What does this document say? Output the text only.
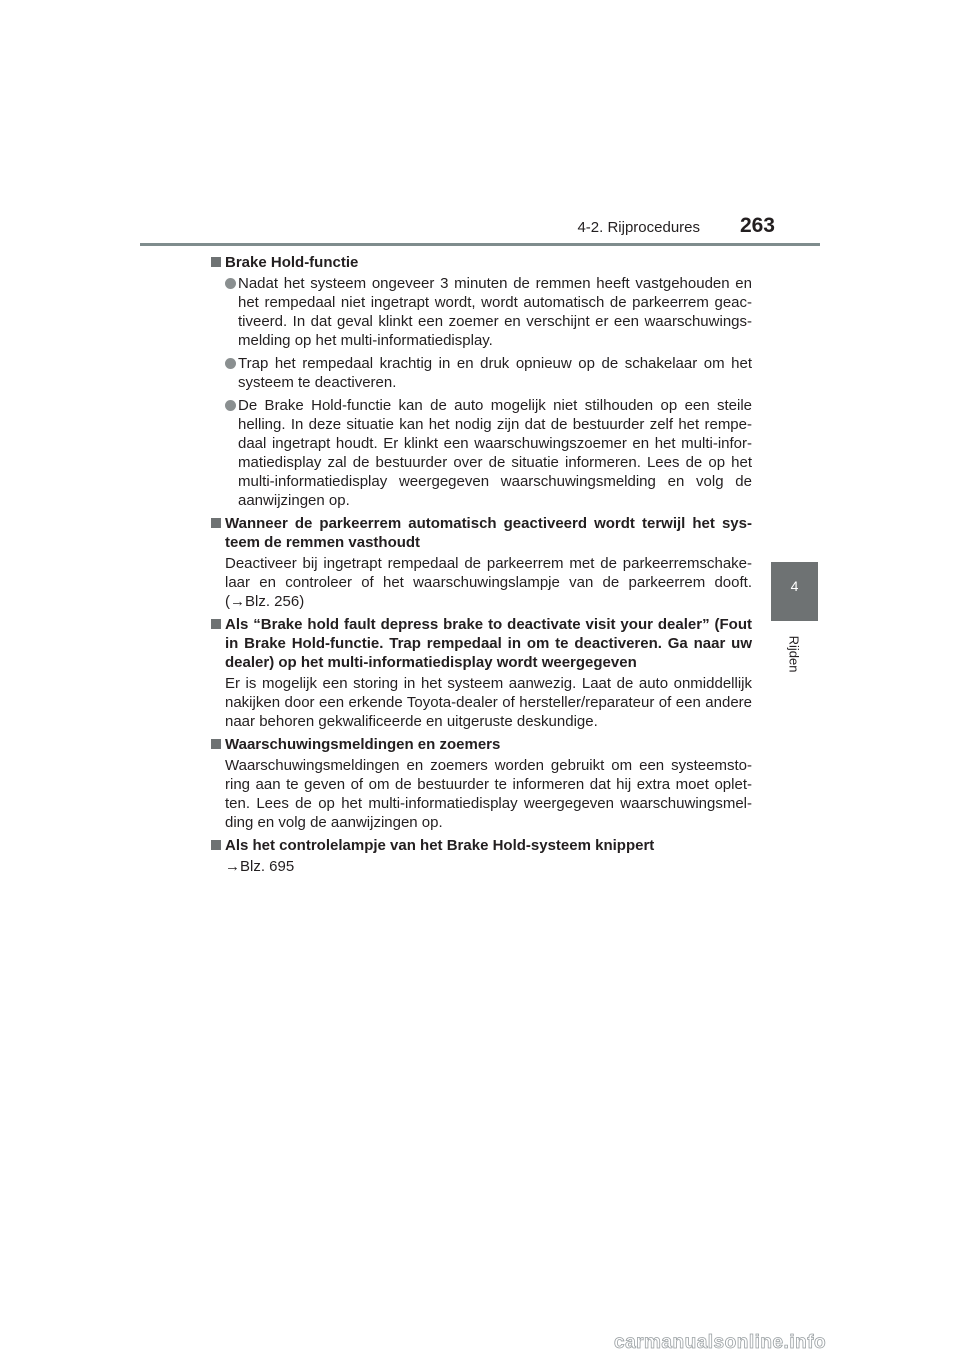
4-2. Rijprocedures	263
4
Rijden
Brake Hold-functie
Nadat het systeem ongeveer 3 minuten de remmen heeft vastgehouden en het rempedaal niet ingetrapt wordt, wordt automatisch de parkeerrem geac-tiveerd. In dat geval klinkt een zoemer en verschijnt er een waarschuwings-melding op het multi-informatiedisplay.
Trap het rempedaal krachtig in en druk opnieuw op de schakelaar om het systeem te deactiveren.
De Brake Hold-functie kan de auto mogelijk niet stilhouden op een steile helling. In deze situatie kan het nodig zijn dat de bestuurder zelf het rempe-daal ingetrapt houdt. Er klinkt een waarschuwingszoemer en het multi-infor-matiedisplay zal de bestuurder over de situatie informeren. Lees de op het multi-informatiedisplay weergegeven waarschuwingsmelding en volg de aanwijzingen op.
Wanneer de parkeerrem automatisch geactiveerd wordt terwijl het sys-teem de remmen vasthoudt
Deactiveer bij ingetrapt rempedaal de parkeerrem met de parkeerremschake-laar en controleer of het waarschuwingslampje van de parkeerrem dooft. (→Blz. 256)
Als “Brake hold fault depress brake to deactivate visit your dealer” (Fout in Brake Hold-functie. Trap rempedaal in om te deactiveren. Ga naar uw dealer) op het multi-informatiedisplay wordt weergegeven
Er is mogelijk een storing in het systeem aanwezig. Laat de auto onmiddellijk nakijken door een erkende Toyota-dealer of hersteller/reparateur of een andere naar behoren gekwalificeerde en uitgeruste deskundige.
Waarschuwingsmeldingen en zoemers
Waarschuwingsmeldingen en zoemers worden gebruikt om een systeemsto-ring aan te geven of om de bestuurder te informeren dat hij extra moet oplet-ten. Lees de op het multi-informatiedisplay weergegeven waarschuwingsmel-ding en volg de aanwijzingen op.
Als het controlelampje van het Brake Hold-systeem knippert
→Blz. 695
carmanualsonline.info
